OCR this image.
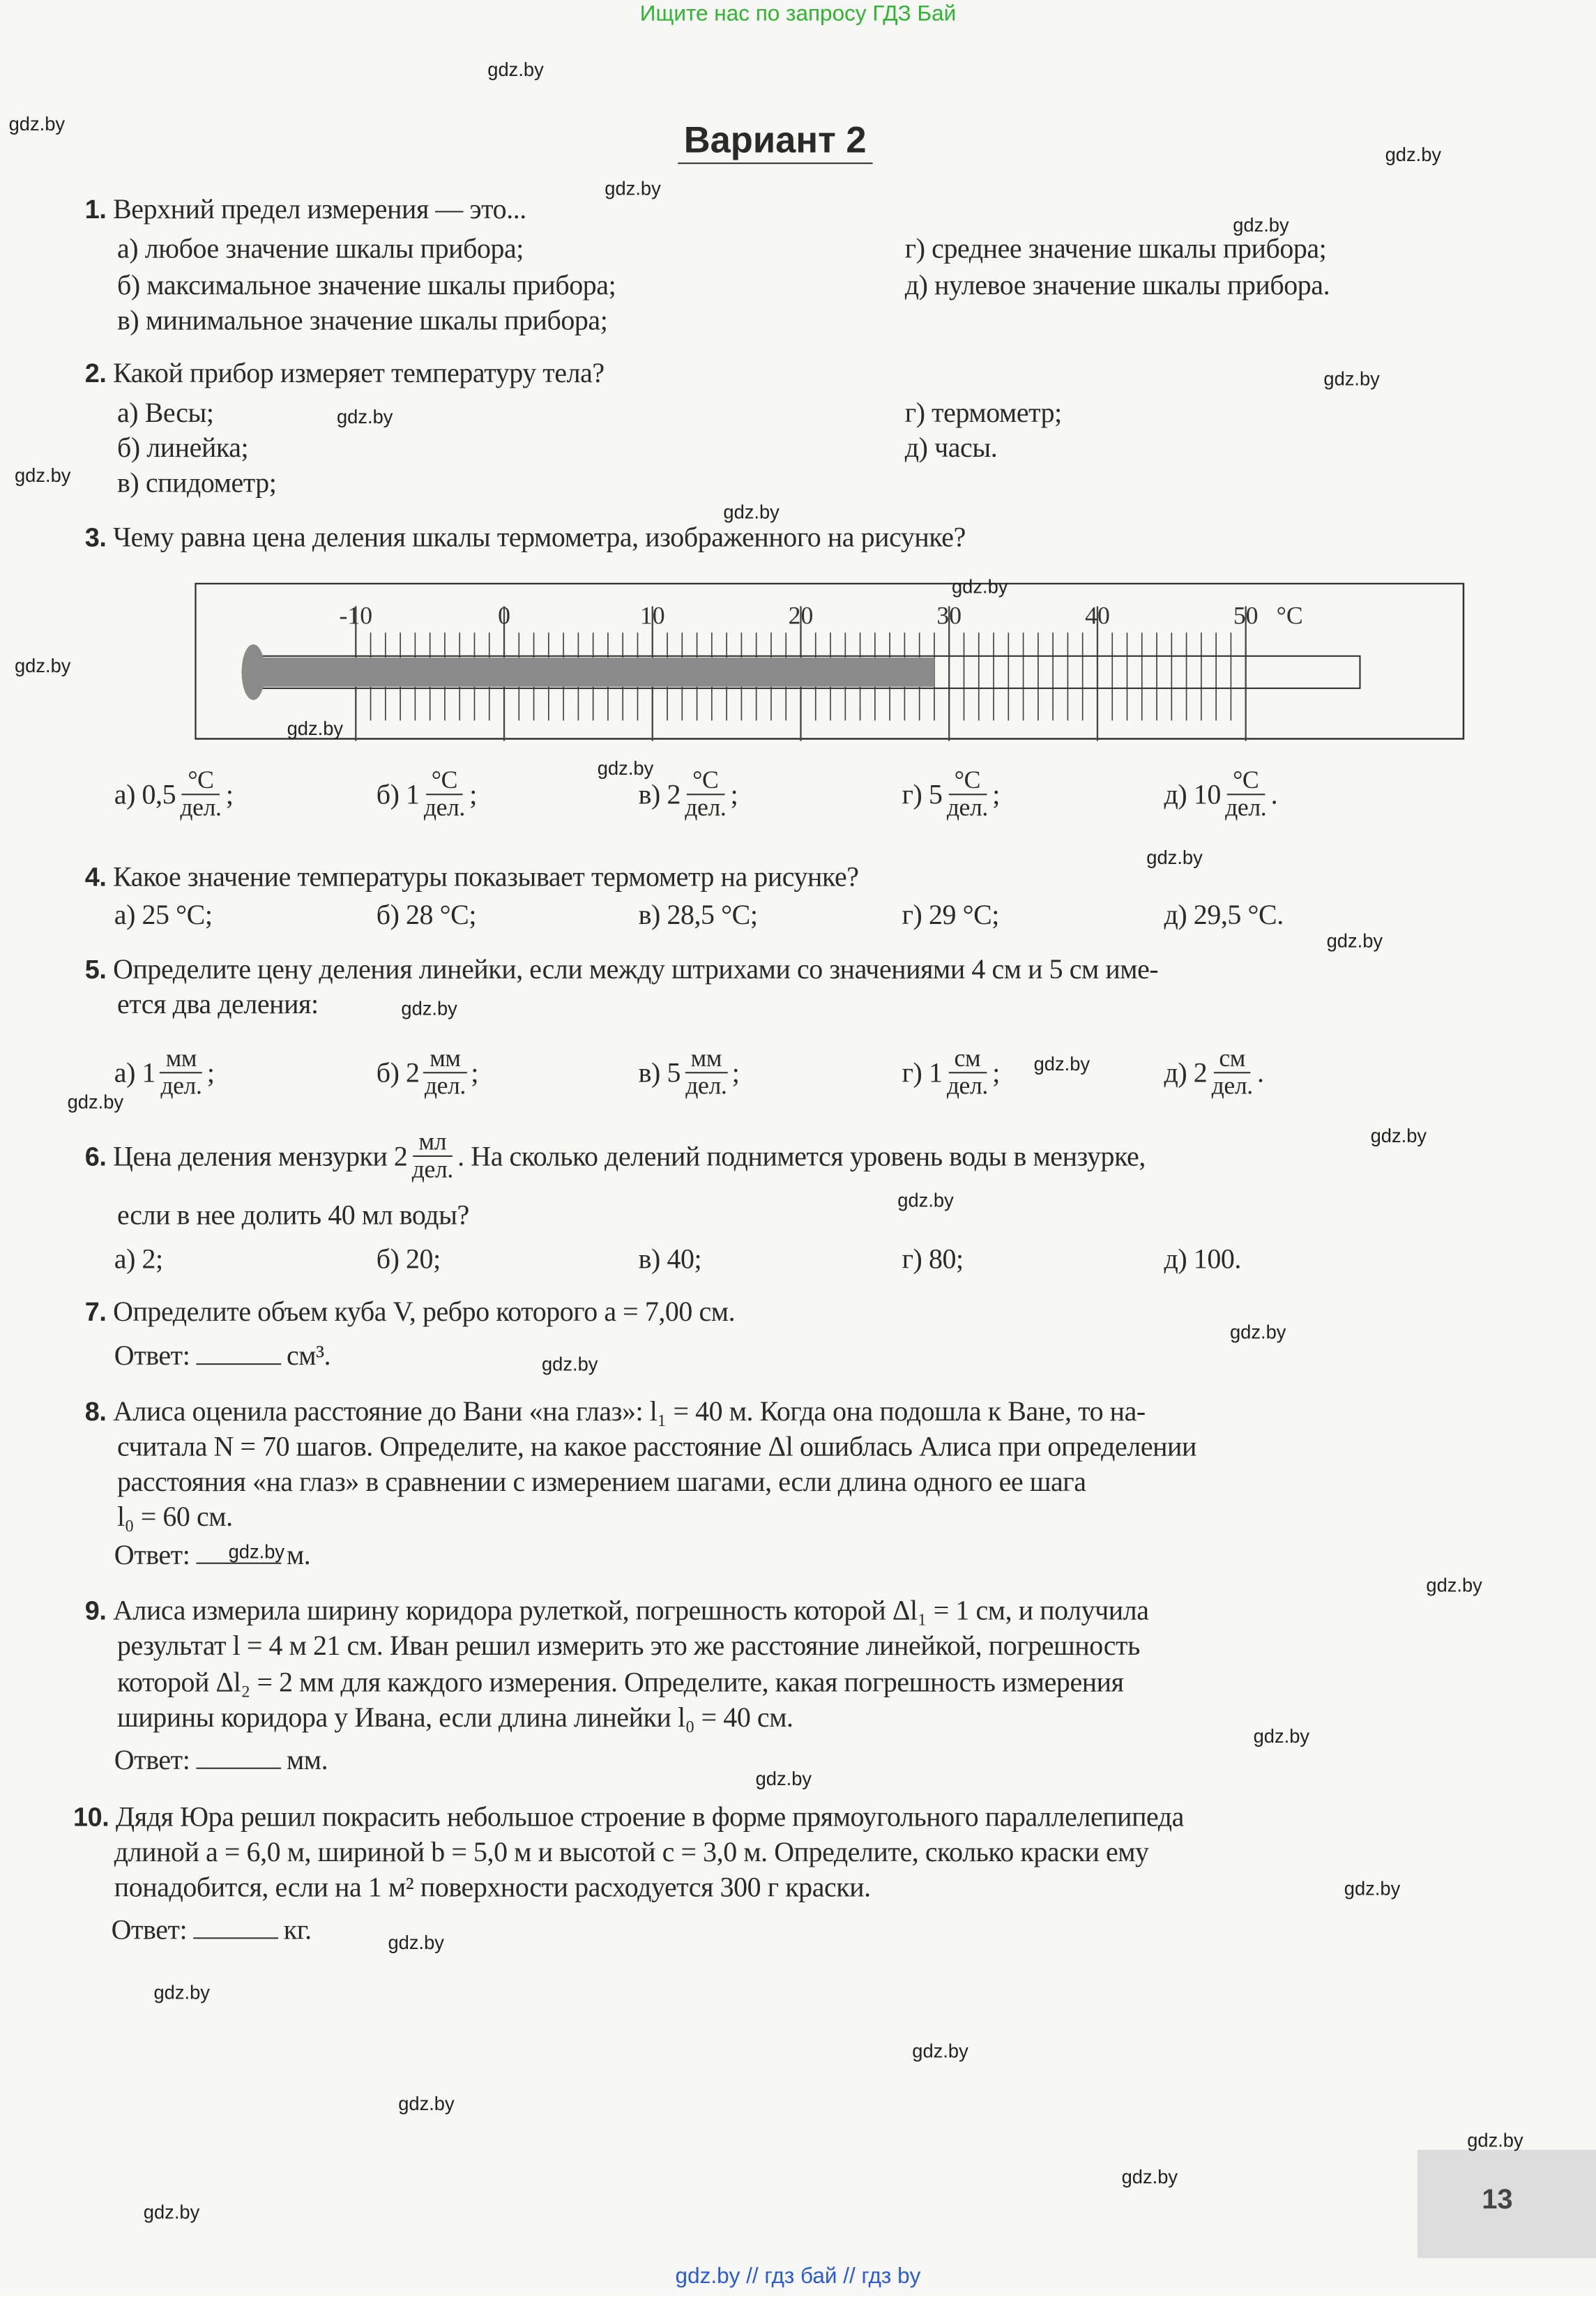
Ищите нас по запросу ГДЗ Бай
Вариант 2
1. Верхний предел измерения — это...
а) любое значение шкалы прибора;
б) максимальное значение шкалы прибора;
в) минимальное значение шкалы прибора;
г) среднее значение шкалы прибора;
д) нулевое значение шкалы прибора.
2. Какой прибор измеряет температуру тела?
а) Весы;
б) линейка;
в) спидометр;
г) термометр;
д) часы.
3. Чему равна цена деления шкалы термометра, изображенного на рисунке?
-10	0	10	20	30	40	50 °С
а) 0,5
°С
дел. ;	б) 1
°С
дел. ;	в) 2
°С
дел. ;	г) 5
°С
дел. ;	д) 10
°С
дел. .
4. Какое значение температуры показывает термометр на рисунке?
а) 25 °С;	б) 28 °С;	в) 28,5 °С;	г) 29 °С;	д) 29,5 °С.
5. Определите цену деления линейки, если между штрихами со значениями 4 см и 5 см име-
ется два деления:
а) 1
мм
дел. ;	б) 2
мм
дел. ;	в) 5
мм
дел. ;	г) 1
см
дел. ;	д) 2
см
дел. .
6. Цена деления мензурки 2
мл
дел. . На сколько делений поднимется уровень воды в мензурке,
если в нее долить 40 мл воды?
а) 2;	б) 20;	в) 40;	г) 80;	д) 100.
7. Определите объем куба V, ребро которого a = 7,00 см.
Ответ:	см³.
8. Алиса оценила расстояние до Вани «на глаз»: l₁ = 40 м. Когда она подошла к Ване, то на-
считала N = 70 шагов. Определите, на какое расстояние Δl ошиблась Алиса при определении
расстояния «на глаз» в сравнении с измерением шагами, если длина одного ее шага
l₀ = 60 см.
Ответ:	м.
9. Алиса измерила ширину коридора рулеткой, погрешность которой Δl₁ = 1 см, и получила
результат l = 4 м 21 см. Иван решил измерить это же расстояние линейкой, погрешность
которой Δl₂ = 2 мм для каждого измерения. Определите, какая погрешность измерения
ширины коридора у Ивана, если длина линейки l₀ = 40 см.
Ответ:	мм.
10. Дядя Юра решил покрасить небольшое строение в форме прямоугольного параллелепипеда
длиной a = 6,0 м, шириной b = 5,0 м и высотой c = 3,0 м. Определите, сколько краски ему
понадобится, если на 1 м² поверхности расходуется 300 г краски.
Ответ:	кг.
13
gdz.by // гдз бай // гдз by
gdz.by
gdz.by
gdz.by
gdz.by
gdz.by
gdz.by
gdz.by
gdz.by
gdz.by
gdz.by
gdz.by
gdz.by
gdz.by
gdz.by
gdz.by
gdz.by
gdz.by
gdz.by
gdz.by
gdz.by
gdz.by
gdz.by
gdz.by
gdz.by
gdz.by
gdz.by
gdz.by
gdz.by
gdz.by
gdz.by
gdz.by
gdz.by
gdz.by
gdz.by
